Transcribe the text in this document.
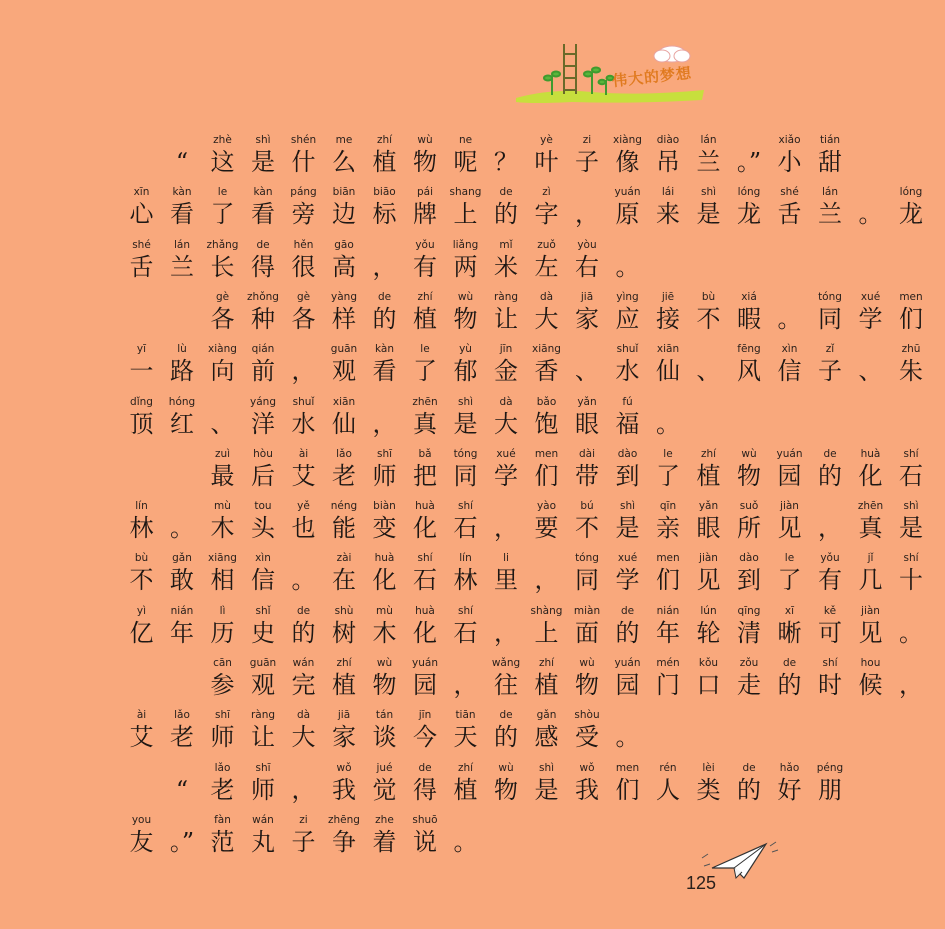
伟大的梦想
“
zhè
这
shì
是
shén
什
me
么
zhí
植
wù
物
ne
呢 ？
yè
叶
zi
子
xiàng
像
diào
吊
lán
兰 。”
xiǎo
小
tián
甜
xīn
心
kàn
看
le
了
kàn
看
páng
旁
biān
边
biāo
标
pái
牌
shang
上
de
的
zì
字 ，
yuán
原
lái
来
shì
是
lóng
龙
shé
舌
lán
兰 。
lóng
龙
shé
舌
lán
兰
zhǎng
长
de
得
hěn
很
gāo
高 ，
yǒu
有
liǎng
两
mǐ
米
zuǒ
左
yòu
右 。
gè
各
zhǒng
种
gè
各
yàng
样
de
的
zhí
植
wù
物
ràng
让
dà
大
jiā
家
yìng
应
jiē
接
bù
不
xiá
暇 。
tóng
同
xué
学
men
们
yī
一
lù
路
xiàng
向
qián
前 ，
guān
观
kàn
看
le
了
yù
郁
jīn
金
xiāng
香 、
shuǐ
水
xiān
仙 、
fēng
风
xìn
信
zǐ
子 、
zhū
朱
dǐng
顶
hóng
红 、
yáng
洋
shuǐ
水
xiān
仙 ，
zhēn
真
shì
是
dà
大
bǎo
饱
yǎn
眼
fú
福 。
zuì
最
hòu
后
ài
艾
lǎo
老
shī
师
bǎ
把
tóng
同
xué
学
men
们
dài
带
dào
到
le
了
zhí
植
wù
物
yuán
园
de
的
huà
化
shí
石
lín
林 。
mù
木
tou
头
yě
也
néng
能
biàn
变
huà
化
shí
石 ，
yào
要
bú
不
shì
是
qīn
亲
yǎn
眼
suǒ
所
jiàn
见 ，
zhēn
真
shì
是
bù
不
gǎn
敢
xiāng
相
xìn
信 。
zài
在
huà
化
shí
石
lín
林
li
里 ，
tóng
同
xué
学
men
们
jiàn
见
dào
到
le
了
yǒu
有
jǐ
几
shí
十
yì
亿
nián
年
lì
历
shǐ
史
de
的
shù
树
mù
木
huà
化
shí
石 ，
shàng
上
miàn
面
de
的
nián
年
lún
轮
qīng
清
xī
晰
kě
可
jiàn
见 。
cān
参
guān
观
wán
完
zhí
植
wù
物
yuán
园 ，
wǎng
往
zhí
植
wù
物
yuán
园
mén
门
kǒu
口
zǒu
走
de
的
shí
时
hou
候 ，
ài
艾
lǎo
老
shī
师
ràng
让
dà
大
jiā
家
tán
谈
jīn
今
tiān
天
de
的
gǎn
感
shòu
受 。
“
lǎo
老
shī
师 ，
wǒ
我
jué
觉
de
得
zhí
植
wù
物
shì
是
wǒ
我
men
们
rén
人
lèi
类
de
的
hǎo
好
péng
朋
you
友 。”
fàn
范
wán
丸
zi
子
zhēng
争
zhe
着
shuō
说 。
125
